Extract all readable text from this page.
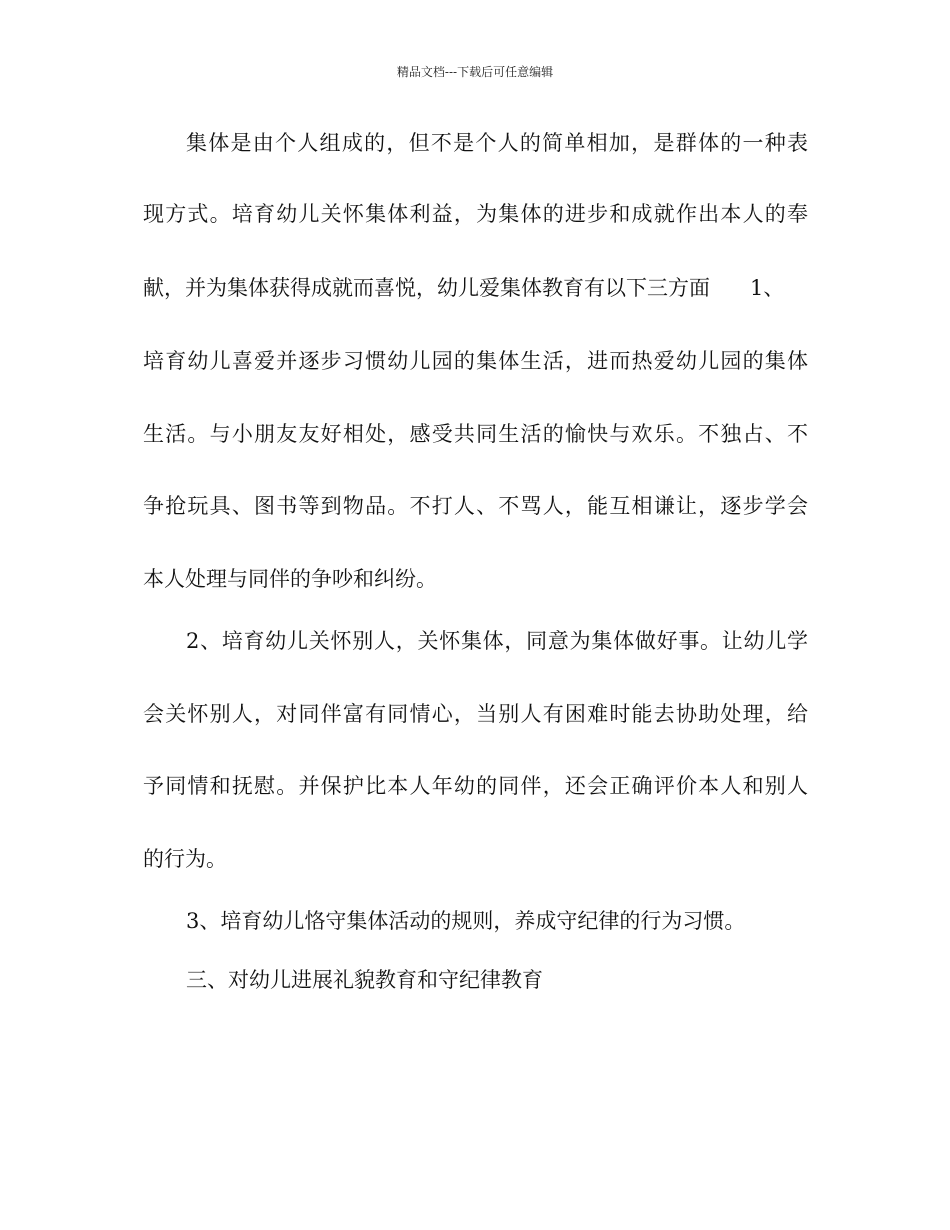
精品文档---下载后可任意编辑
集体是由个人组成的，但不是个人的简单相加，是群体的一种表
现方式。培育幼儿关怀集体利益，为集体的进步和成就作出本人的奉
献，并为集体获得成就而喜悦，幼儿爱集体教育有以下三方面 1、
培育幼儿喜爱并逐步习惯幼儿园的集体生活，进而热爱幼儿园的集体
生活。与小朋友友好相处，感受共同生活的愉快与欢乐。不独占、不
争抢玩具、图书等到物品。不打人、不骂人，能互相谦让，逐步学会
本人处理与同伴的争吵和纠纷。
2、培育幼儿关怀别人，关怀集体，同意为集体做好事。让幼儿学
会关怀别人，对同伴富有同情心，当别人有困难时能去协助处理，给
予同情和抚慰。并保护比本人年幼的同伴，还会正确评价本人和别人
的行为。
3、培育幼儿恪守集体活动的规则，养成守纪律的行为习惯。
三、对幼儿进展礼貌教育和守纪律教育
